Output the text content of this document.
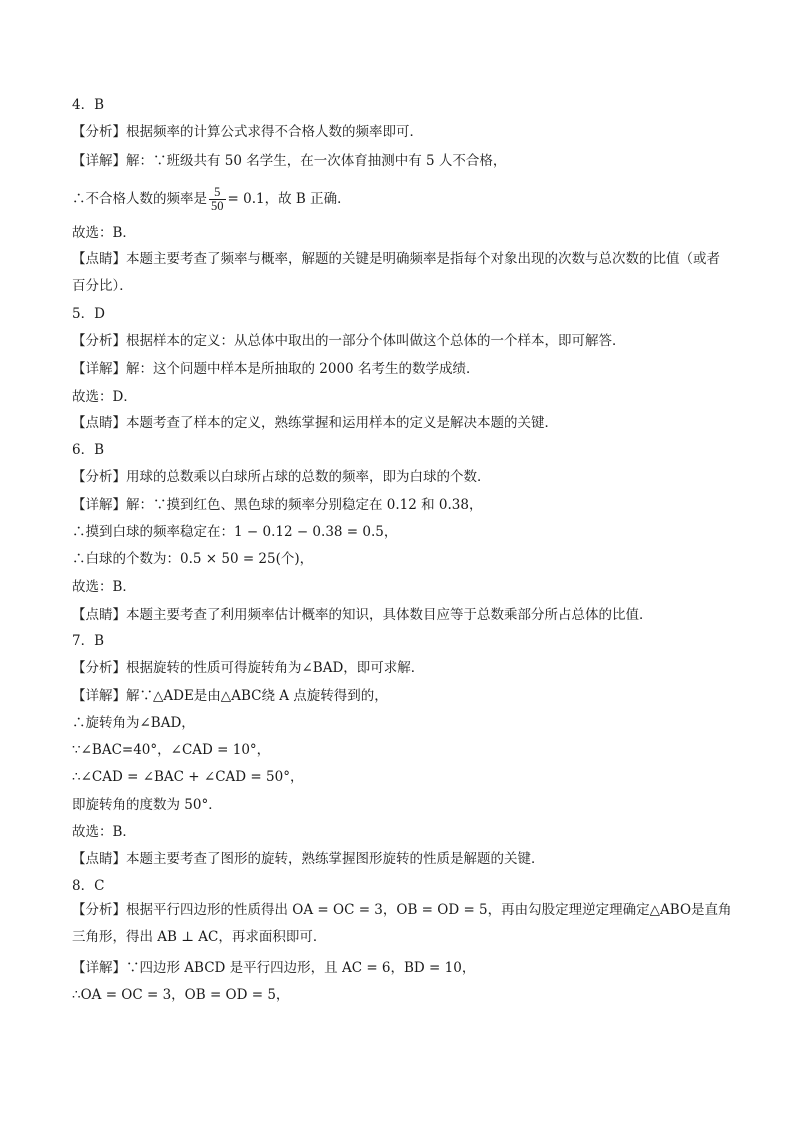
4．B
【分析】根据频率的计算公式求得不合格人数的频率即可．
【详解】解：∵班级共有 50 名学生，在一次体育抽测中有 5 人不合格，
∴不合格人数的频率是 $\frac{5}{50} = 0.1$，故 B 正确．
故选：B．
【点睛】本题主要考查了频率与概率，解题的关键是明确频率是指每个对象出现的次数与总次数的比值（或者百分比）．
5．D
【分析】根据样本的定义：从总体中取出的一部分个体叫做这个总体的一个样本，即可解答．
【详解】解：这个问题中样本是所抽取的 2000 名考生的数学成绩．
故选：D．
【点睛】本题考查了样本的定义，熟练掌握和运用样本的定义是解决本题的关键．
6．B
【分析】用球的总数乘以白球所占球的总数的频率，即为白球的个数．
【详解】解：∵摸到红色、黑色球的频率分别稳定在 0.12 和 0.38，
∴摸到白球的频率稳定在：1 − 0.12 − 0.38 = 0.5，
∴白球的个数为：0.5 × 50 = 25(个)，
故选：B．
【点睛】本题主要考查了利用频率估计概率的知识，具体数目应等于总数乘部分所占总体的比值．
7．B
【分析】根据旋转的性质可得旋转角为∠BAD，即可求解．
【详解】解∵△ADE是由△ABC绕 A 点旋转得到的，
∴旋转角为∠BAD，
∵∠BAC=40°，∠CAD = 10°，
∴∠CAD = ∠BAC + ∠CAD = 50°，
即旋转角的度数为 50°．
故选：B．
【点睛】本题主要考查了图形的旋转，熟练掌握图形旋转的性质是解题的关键．
8．C
【分析】根据平行四边形的性质得出 OA = OC = 3，OB = OD = 5，再由勾股定理逆定理确定△ABO是直角三角形，得出 AB ⊥ AC，再求面积即可．
【详解】∵四边形 ABCD 是平行四边形，且 AC = 6，BD = 10，
∴OA = OC = 3，OB = OD = 5，
